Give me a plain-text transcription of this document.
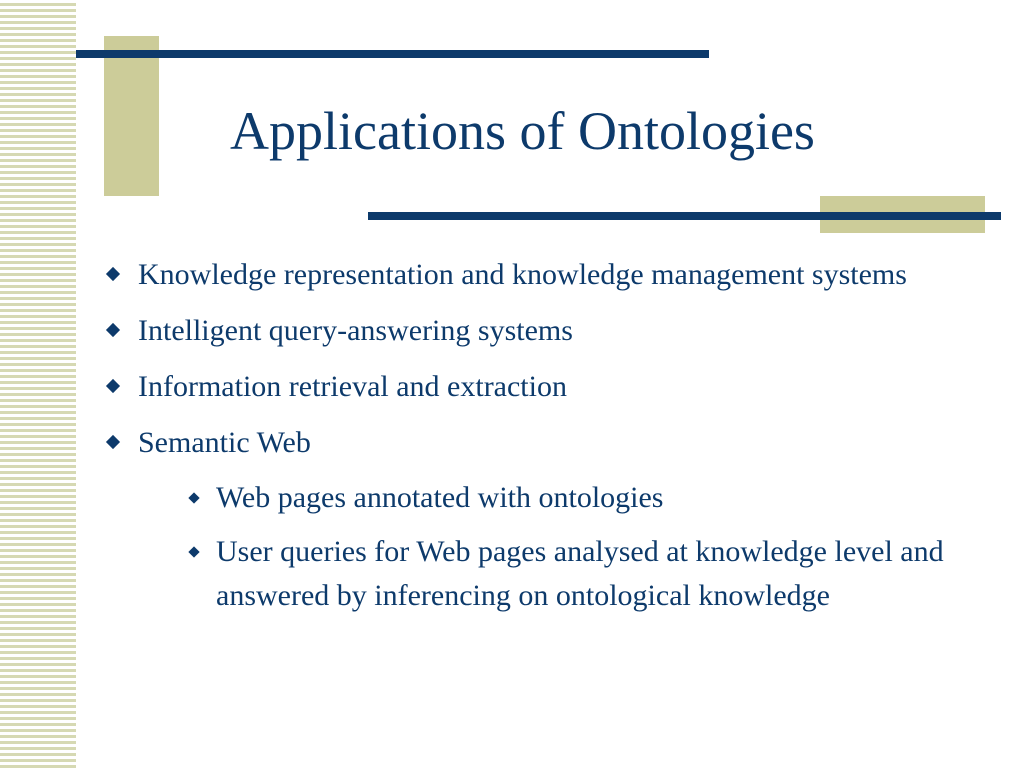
Applications of Ontologies
Knowledge representation and knowledge management systems
Intelligent query-answering systems
Information retrieval and extraction
Semantic Web
Web pages annotated with ontologies
User queries for Web pages analysed at knowledge level and answered by inferencing on ontological knowledge
